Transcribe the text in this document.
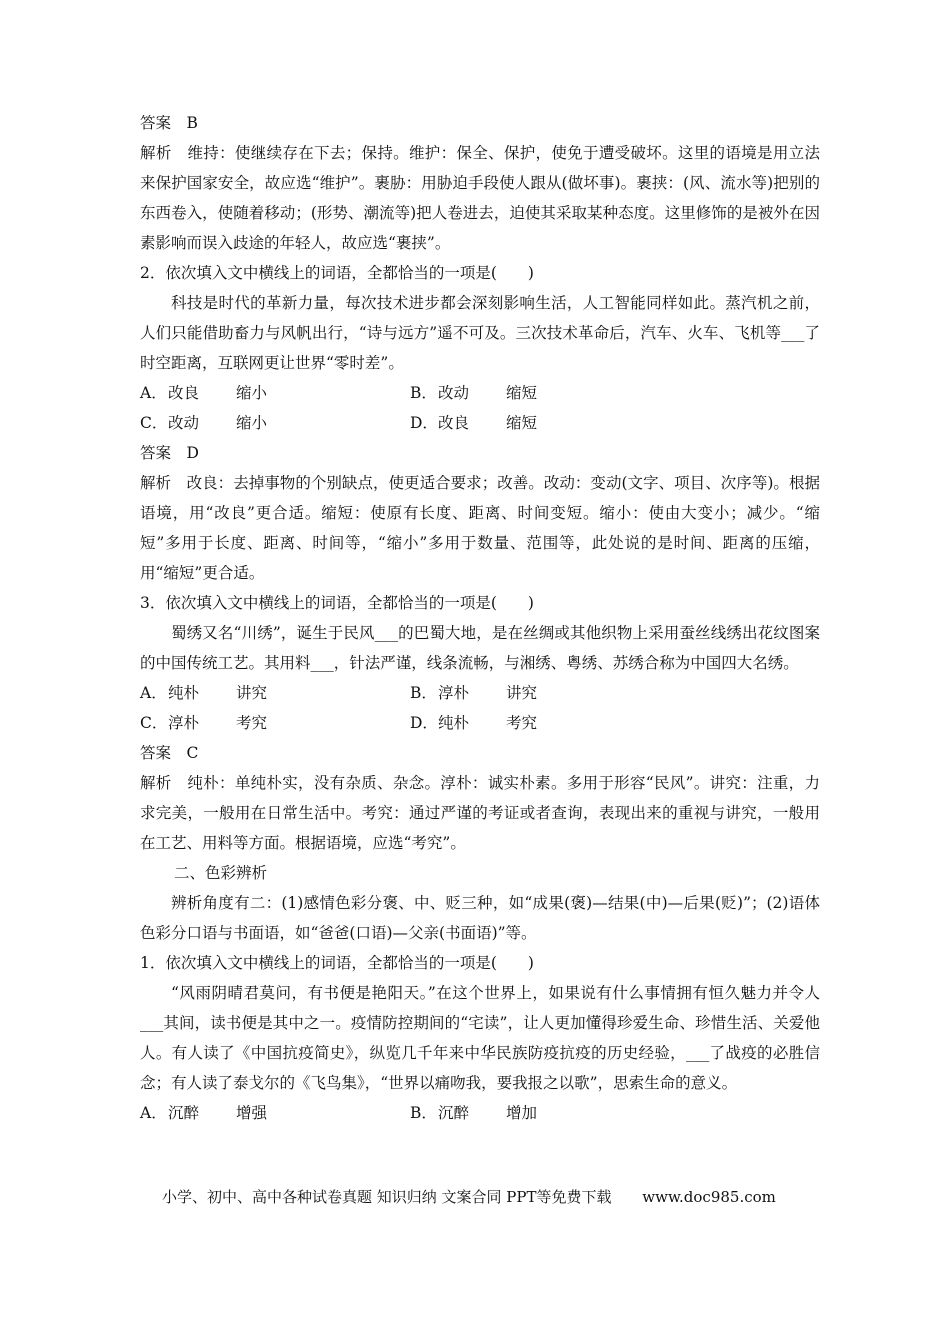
答案　B
解析　维持：使继续存在下去；保持。维护：保全、保护，使免于遭受破坏。这里的语境是用立法来保护国家安全，故应选“维护”。裹胁：用胁迫手段使人跟从(做坏事)。裹挟：(风、流水等)把别的东西卷入，使随着移动；(形势、潮流等)把人卷进去，迫使其采取某种态度。这里修饰的是被外在因素影响而误入歧途的年轻人，故应选“裹挟”。
2．依次填入文中横线上的词语，全都恰当的一项是(　　)
科技是时代的革新力量，每次技术进步都会深刻影响生活，人工智能同样如此。蒸汽机之前，人们只能借助畜力与风帆出行，“诗与远方”遥不可及。三次技术革命后，汽车、火车、飞机等___了时空距离，互联网更让世界“零时差”。
A． 改良	缩小	B． 改动	缩短
C． 改动	缩小	D． 改良	缩短
答案　D
解析　改良：去掉事物的个别缺点，使更适合要求；改善。改动：变动(文字、项目、次序等)。根据语境，用“改良”更合适。缩短：使原有长度、距离、时间变短。缩小：使由大变小；减少。“缩短”多用于长度、距离、时间等，“缩小”多用于数量、范围等，此处说的是时间、距离的压缩，用“缩短”更合适。
3．依次填入文中横线上的词语，全都恰当的一项是(　　)
蜀绣又名“川绣”，诞生于民风___的巴蜀大地，是在丝绸或其他织物上采用蚕丝线绣出花纹图案的中国传统工艺。其用料___，针法严谨，线条流畅，与湘绣、粤绣、苏绣合称为中国四大名绣。
A． 纯朴	讲究	B． 淳朴	讲究
C． 淳朴	考究	D． 纯朴	考究
答案　C
解析　纯朴：单纯朴实，没有杂质、杂念。淳朴：诚实朴素。多用于形容“民风”。讲究：注重，力求完美，一般用在日常生活中。考究：通过严谨的考证或者查询，表现出来的重视与讲究，一般用在工艺、用料等方面。根据语境，应选“考究”。
二、色彩辨析
辨析角度有二：(1)感情色彩分褒、中、贬三种，如“成果(褒)—结果(中)—后果(贬)”；(2)语体色彩分口语与书面语，如“爸爸(口语)—父亲(书面语)”等。
1．依次填入文中横线上的词语，全都恰当的一项是(　　)
“风雨阴晴君莫问，有书便是艳阳天。”在这个世界上，如果说有什么事情拥有恒久魅力并令人___其间，读书便是其中之一。疫情防控期间的“宅读”，让人更加懂得珍爱生命、珍惜生活、关爱他人。有人读了《中国抗疫简史》，纵览几千年来中华民族防疫抗疫的历史经验，___了战疫的必胜信念；有人读了泰戈尔的《飞鸟集》，“世界以痛吻我，要我报之以歌”，思索生命的意义。
A． 沉醉	增强	B． 沉醉	增加
小学、初中、高中各种试卷真题 知识归纳 文案合同 PPT等免费下载 www.doc985.com
